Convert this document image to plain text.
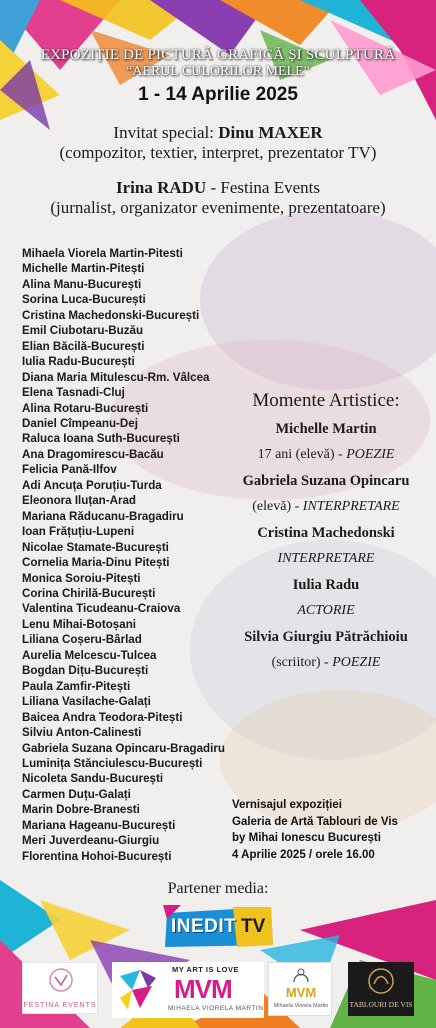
EXPOZIȚIE DE PICTURĂ GRAFICĂ ȘI SCULPTURĂ
“AERUL CULORILOR MELE”
1 - 14 Aprilie 2025
Invitat special: Dinu MAXER
(compozitor, textier, interpret, prezentator TV)
Irina RADU - Festina Events
(jurnalist, organizator evenimente, prezentatoare)
Mihaela Viorela Martin-Pitesti
Michelle Martin-Pitești
Alina Manu-București
Sorina Luca-București
Cristina Machedonski-București
Emil Ciubotaru-Buzău
Elian Băcilă-București
Iulia Radu-București
Diana Maria Mitulescu-Rm. Vâlcea
Elena Tasnadi-Cluj
Alina Rotaru-București
Daniel Cîmpeanu-Dej
Raluca Ioana Suth-București
Ana Dragomirescu-Bacău
Felicia Pană-Ilfov
Adi Ancuța Poruțiu-Turda
Eleonora Iluțan-Arad
Mariana Răducanu-Bragadiru
Ioan Frățuțiu-Lupeni
Nicolae Stamate-București
Cornelia Maria-Dinu Pitești
Monica Soroiu-Pitești
Corina Chirilă-București
Valentina Ticudeanu-Craiova
Lenu Mihai-Botoșani
Liliana Coșeru-Bârlad
Aurelia Melcescu-Tulcea
Bogdan Dițu-București
Paula Zamfir-Pitești
Liliana Vasilache-Galați
Baicea Andra Teodora-Pitești
Silviu Anton-Calinesti
Gabriela Suzana Opincaru-Bragadiru
Luminița Stănciulescu-București
Nicoleta Sandu-București
Carmen Duțu-Galați
Marin Dobre-Branesti
Mariana Hageanu-București
Meri Juverdeanu-Giurgiu
Florentina Hohoi-București
Momente Artistice:
Michelle Martin
17 ani (elevă) - POEZIE
Gabriela Suzana Opincaru
(elevă) - INTERPRETARE
Cristina Machedonski
INTERPRETARE
Iulia Radu
ACTORIE
Silvia Giurgiu Pătrăchioiu
(scriitor) - POEZIE
Vernisajul expoziției
Galeria de Artă Tablouri de Vis
by Mihai Ionescu București
4 Aprilie 2025 / orele 16.00
Partener media:
INEDIT TV
FESTINA EVENTS
MY ART IS LOVE
MVM
MIHAELA VIORELA MARTIN
MVM
Mihaela Viorela Martin	TABLOURI DE VIS
